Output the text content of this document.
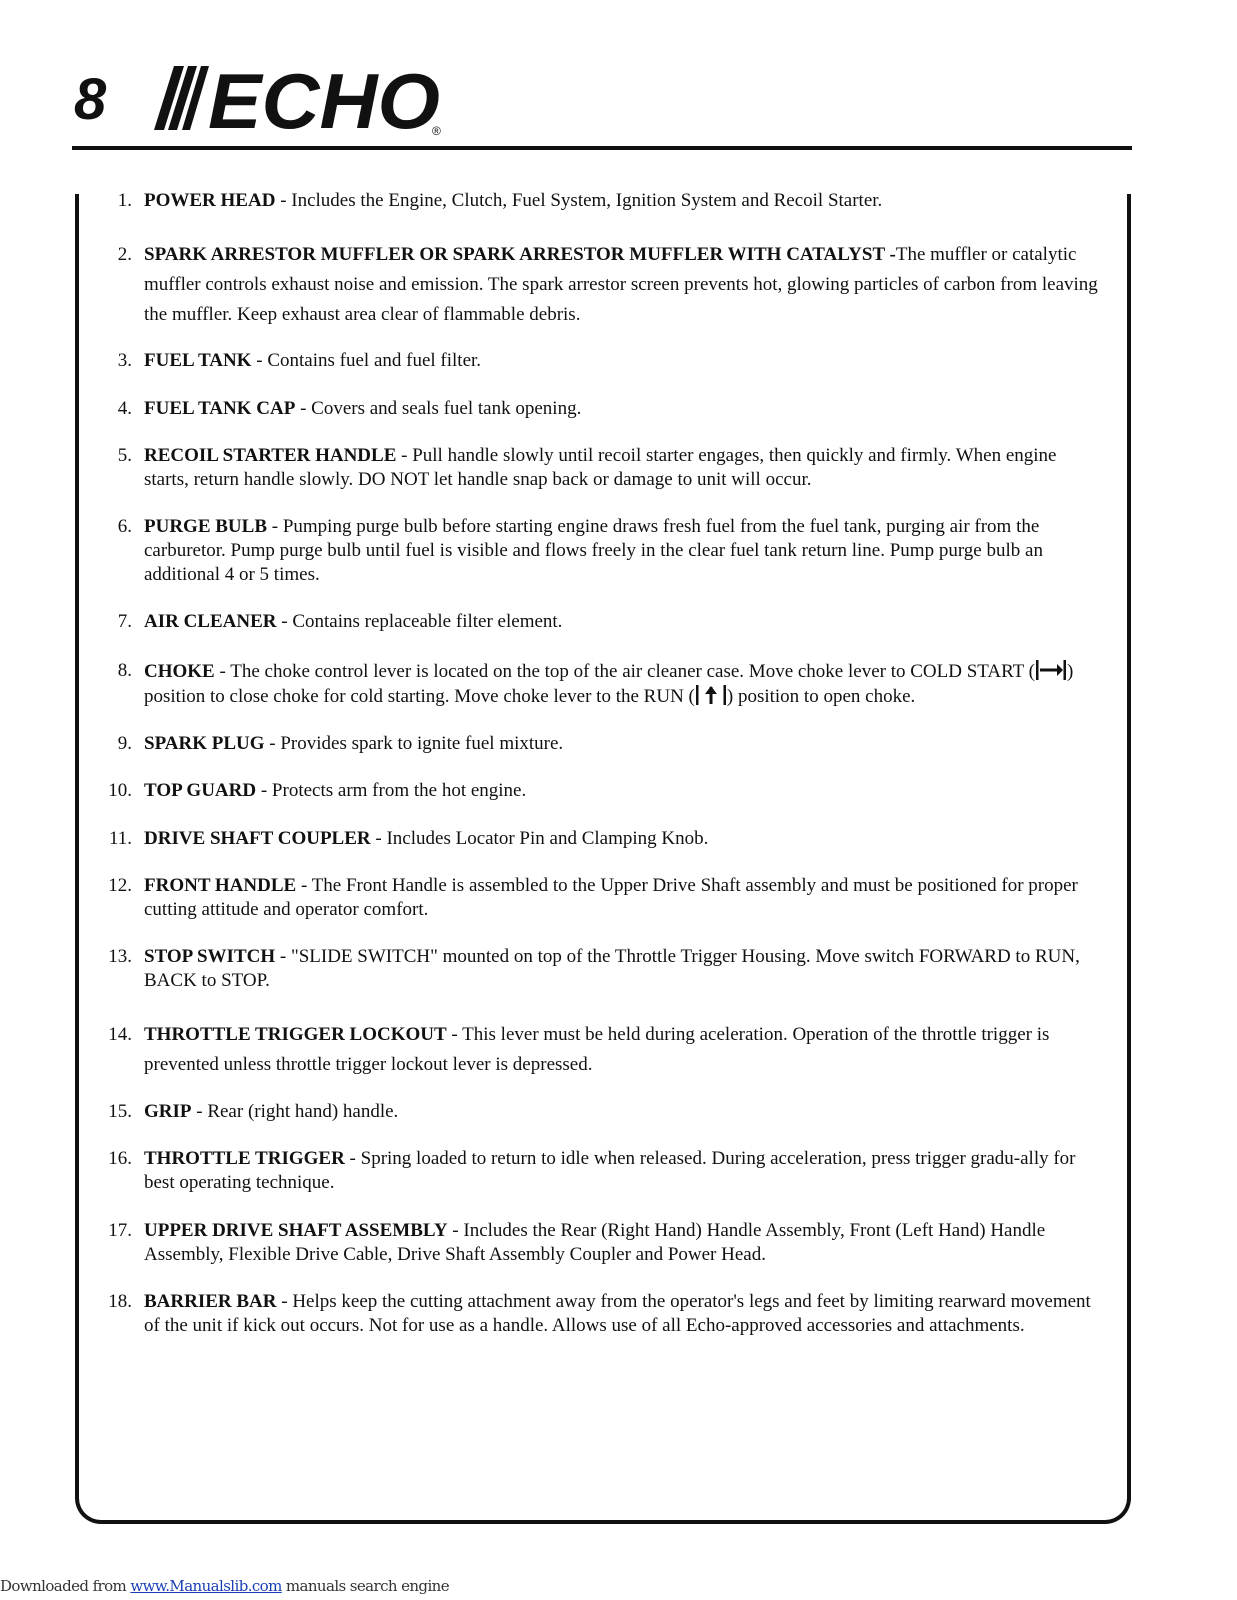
8 ECHO
®
1. POWER HEAD - Includes the Engine, Clutch, Fuel System, Ignition System and Recoil Starter.
2. SPARK ARRESTOR MUFFLER OR SPARK ARRESTOR MUFFLER WITH CATALYST -The muffler or catalytic muffler controls exhaust noise and emission. The spark arrestor screen prevents hot, glowing particles of carbon from leaving the muffler. Keep exhaust area clear of flammable debris.
3. FUEL TANK - Contains fuel and fuel filter.
4. FUEL TANK CAP - Covers and seals fuel tank opening.
5. RECOIL STARTER HANDLE - Pull handle slowly until recoil starter engages, then quickly and firmly. When engine starts, return handle slowly. DO NOT let handle snap back or damage to unit will occur.
6. PURGE BULB - Pumping purge bulb before starting engine draws fresh fuel from the fuel tank, purging air from the carburetor. Pump purge bulb until fuel is visible and flows freely in the clear fuel tank return line. Pump purge bulb an additional 4 or 5 times.
7. AIR CLEANER - Contains replaceable filter element.
8. CHOKE - The choke control lever is located on the top of the air cleaner case. Move choke lever to COLD START ( ) position to close choke for cold starting. Move choke lever to the RUN ( ) position to open choke.
9. SPARK PLUG - Provides spark to ignite fuel mixture.
10. TOP GUARD - Protects arm from the hot engine.
11. DRIVE SHAFT COUPLER - Includes Locator Pin and Clamping Knob.
12. FRONT HANDLE - The Front Handle is assembled to the Upper Drive Shaft assembly and must be positioned for proper cutting attitude and operator comfort.
13. STOP SWITCH - "SLIDE SWITCH" mounted on top of the Throttle Trigger Housing. Move switch FORWARD to RUN, BACK to STOP.
14. THROTTLE TRIGGER LOCKOUT - This lever must be held during aceleration. Operation of the throttle trigger is prevented unless throttle trigger lockout lever is depressed.
15. GRIP - Rear (right hand) handle.
16. THROTTLE TRIGGER - Spring loaded to return to idle when released. During acceleration, press trigger gradu-ally for best operating technique.
17. UPPER DRIVE SHAFT ASSEMBLY - Includes the Rear (Right Hand) Handle Assembly, Front (Left Hand) Handle Assembly, Flexible Drive Cable, Drive Shaft Assembly Coupler and Power Head.
18. BARRIER BAR - Helps keep the cutting attachment away from the operator's legs and feet by limiting rearward movement of the unit if kick out occurs. Not for use as a handle. Allows use of all Echo-approved accessories and attachments.
Downloaded from www.Manualslib.com manuals search engine
